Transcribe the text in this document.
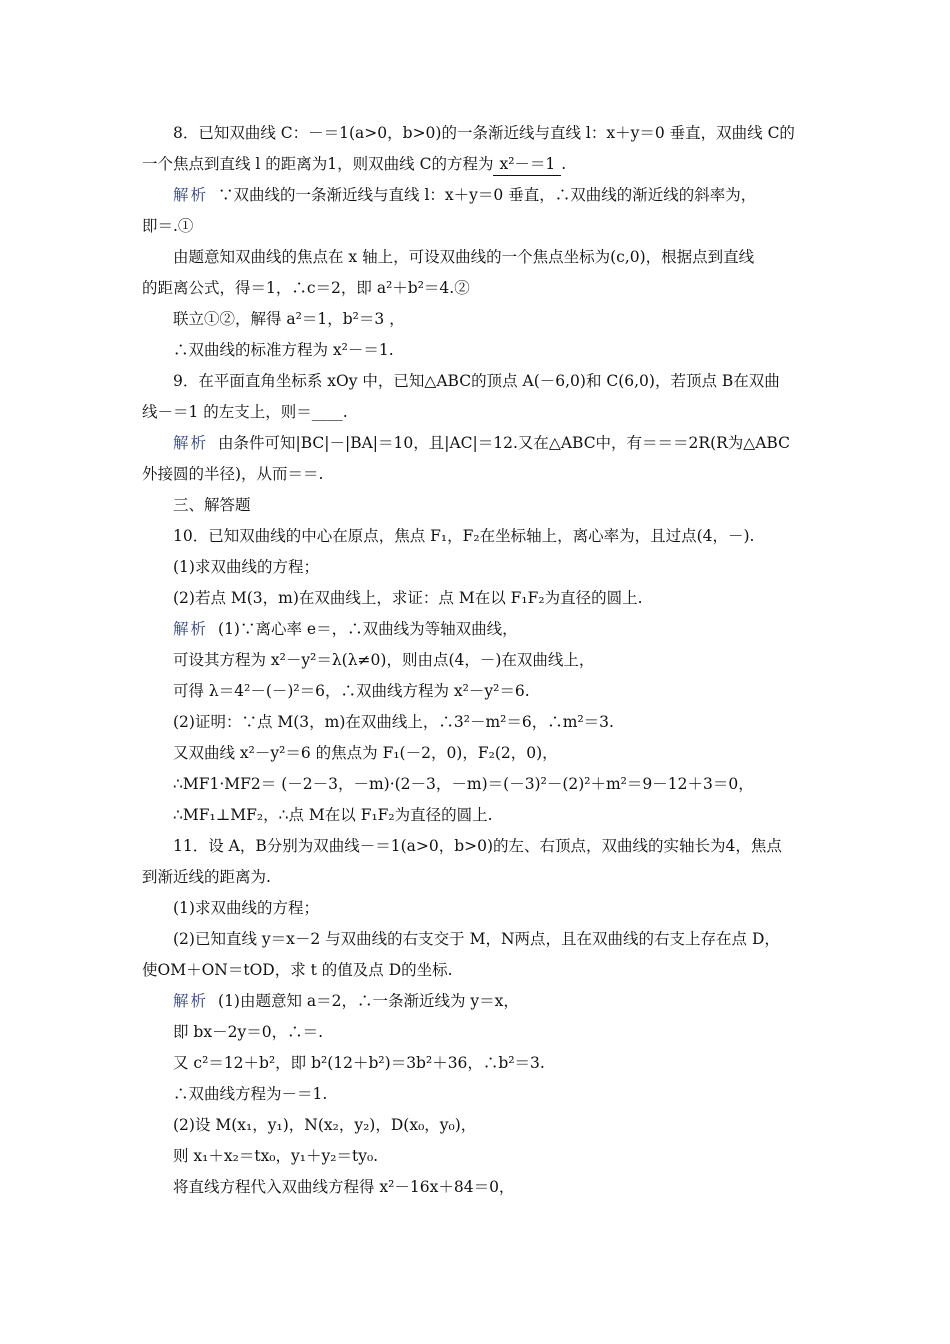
8．已知双曲线 C：－＝1(a>0，b>0)的一条渐近线与直线 l：x＋y＝0 垂直，双曲线 C的
一个焦点到直线 l 的距离为1，则双曲线 C的方程为 x²－＝1 .
解析 ∵双曲线的一条渐近线与直线 l：x＋y＝0 垂直，∴双曲线的渐近线的斜率为，
即＝.①
由题意知双曲线的焦点在 x 轴上，可设双曲线的一个焦点坐标为(c,0)，根据点到直线
的距离公式，得＝1，∴c＝2，即 a²＋b²＝4.②
联立①②，解得 a²＝1，b²＝3 ，
∴双曲线的标准方程为 x²－＝1.
9．在平面直角坐标系 xOy 中，已知△ABC的顶点 A(－6,0)和 C(6,0)，若顶点 B在双曲
线－＝1 的左支上，则＝____.
解析 由条件可知|BC|－|BA|＝10，且|AC|＝12.又在△ABC中，有＝＝＝2R(R为△ABC
外接圆的半径)，从而＝＝.
三、解答题
10．已知双曲线的中心在原点，焦点 F₁，F₂在坐标轴上，离心率为，且过点(4，－).
(1)求双曲线的方程；
(2)若点 M(3，m)在双曲线上，求证：点 M在以 F₁F₂为直径的圆上.
解析 (1)∵离心率 e＝，∴双曲线为等轴双曲线，
可设其方程为 x²－y²＝λ(λ≠0)，则由点(4，－)在双曲线上，
可得 λ＝4²－(－)²＝6，∴双曲线方程为 x²－y²＝6.
(2)证明：∵点 M(3，m)在双曲线上，∴3²－m²＝6，∴m²＝3.
又双曲线 x²－y²＝6 的焦点为 F₁(－2，0)，F₂(2，0)，
∴MF1·MF2＝ (－2－3，－m)·(2－3，－m)＝(－3)²－(2)²＋m²＝9－12＋3＝0，
∴MF₁⊥MF₂，∴点 M在以 F₁F₂为直径的圆上.
11．设 A，B分别为双曲线－＝1(a>0，b>0)的左、右顶点，双曲线的实轴长为4，焦点
到渐近线的距离为.
(1)求双曲线的方程；
(2)已知直线 y＝x－2 与双曲线的右支交于 M，N两点，且在双曲线的右支上存在点 D，
使OM＋ON＝tOD，求 t 的值及点 D的坐标.
解析 (1)由题意知 a＝2，∴一条渐近线为 y＝x，
即 bx－2y＝0，∴＝.
又 c²＝12＋b²，即 b²(12＋b²)＝3b²＋36，∴b²＝3.
∴双曲线方程为－＝1.
(2)设 M(x₁，y₁)，N(x₂，y₂)，D(x₀，y₀)，
则 x₁＋x₂＝tx₀，y₁＋y₂＝ty₀.
将直线方程代入双曲线方程得 x²－16x＋84＝0，
